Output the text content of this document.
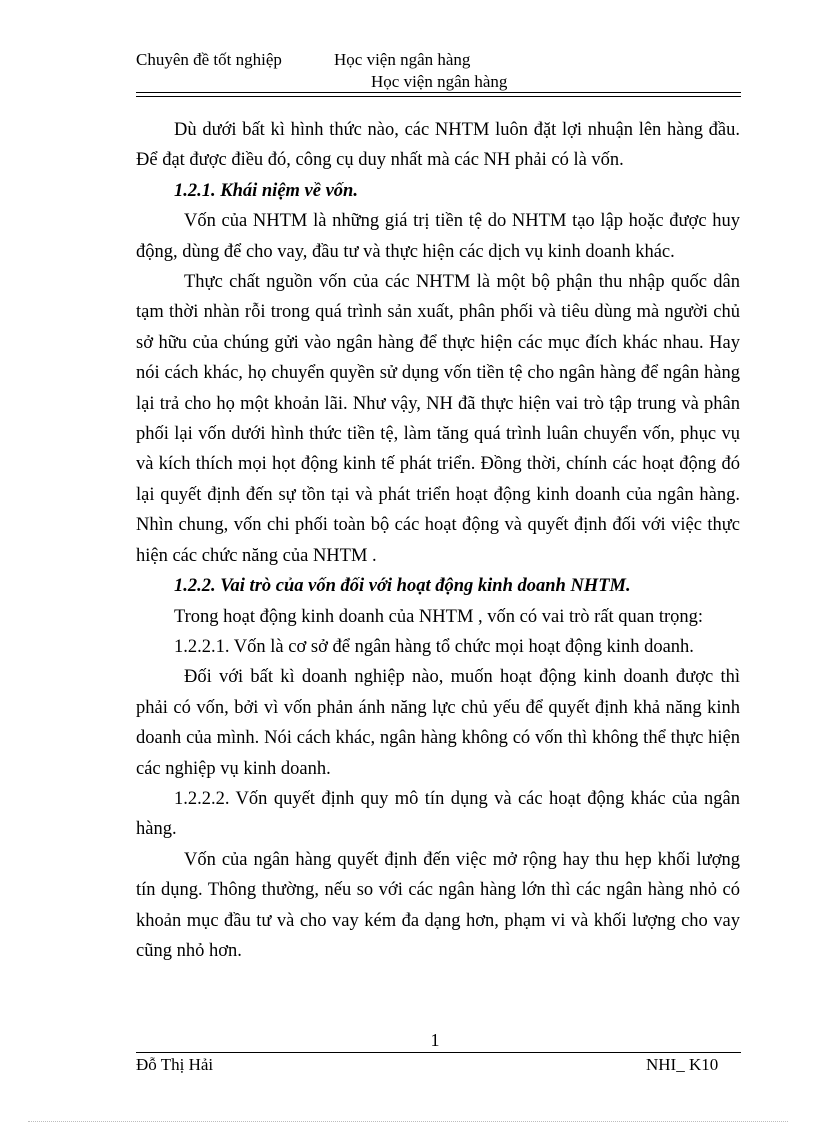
Chuyên đề tốt nghiệp	Học viện ngân hàng
Học viện ngân hàng

Dù dưới bất kì hình thức nào, các NHTM luôn đặt lợi nhuận lên hàng đầu. Để đạt được điều đó, công cụ duy nhất mà các NH phải có là vốn.

1.2.1. Khái niệm về vốn.

Vốn của NHTM là những giá trị tiền tệ do NHTM tạo lập hoặc được huy động, dùng để cho vay, đầu tư và thực hiện các dịch vụ kinh doanh khác.

Thực chất nguồn vốn của các NHTM là một bộ phận thu nhập quốc dân tạm thời nhàn rỗi trong quá trình sản xuất, phân phối và tiêu dùng mà người chủ sở hữu của chúng gửi vào ngân hàng để thực hiện các mục đích khác nhau. Hay nói cách khác, họ chuyển quyền sử dụng vốn tiền tệ cho ngân hàng để ngân hàng lại trả cho họ một khoản lãi. Như vậy, NH đã thực hiện vai trò tập trung và phân phối lại vốn dưới hình thức tiền tệ, làm tăng quá trình luân chuyển vốn, phục vụ và kích thích mọi họt động kinh tế phát triển. Đồng thời, chính các hoạt động đó lại quyết định đến sự tồn tại và phát triển hoạt động kinh doanh của ngân hàng. Nhìn chung, vốn chi phối toàn bộ các hoạt động và quyết định đối với việc thực hiện các chức năng của NHTM .

1.2.2. Vai trò của vốn đối với hoạt động kinh doanh NHTM.

Trong hoạt động kinh doanh của NHTM , vốn có vai trò rất quan trọng:

1.2.2.1. Vốn là cơ sở để ngân hàng tổ chức mọi hoạt động kinh doanh.

Đối với bất kì doanh nghiệp nào, muốn hoạt động kinh doanh được thì phải có vốn, bởi vì vốn phản ánh năng lực chủ yếu để quyết định khả năng kinh doanh của mình. Nói cách khác, ngân hàng không có vốn thì không thể thực hiện các nghiệp vụ kinh doanh.

1.2.2.2. Vốn quyết định quy mô tín dụng và các hoạt động khác của ngân hàng.

Vốn của ngân hàng quyết định đến việc mở rộng hay thu hẹp khối lượng tín dụng. Thông thường, nếu so với các ngân hàng lớn thì các ngân hàng nhỏ có khoản mục đầu tư và cho vay kém đa dạng hơn, phạm vi và khối lượng cho vay cũng nhỏ hơn.

1
Đỗ Thị Hải	NHI_ K10
